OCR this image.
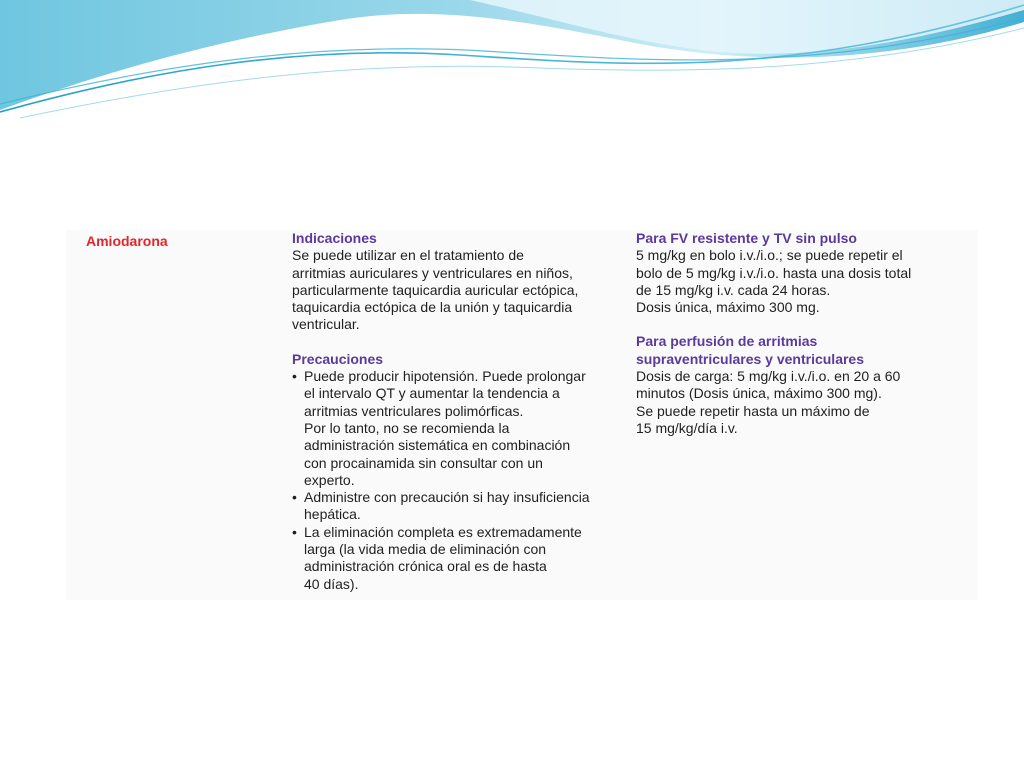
Amiodarona	Indicaciones

Se puede utilizar en el tratamiento de

arritmias auriculares y ventriculares en niños,

particularmente taquicardia auricular ectópica,

taquicardia ectópica de la unión y taquicardia

ventricular.

Precauciones

• Puede producir hipotensión. Puede prolongar

el intervalo QT y aumentar la tendencia a

arritmias ventriculares polimórficas.

Por lo tanto, no se recomienda la

administración sistemática en combinación

con procainamida sin consultar con un

experto.

• Administre con precaución si hay insuficiencia

hepática.

• La eliminación completa es extremadamente

larga (la vida media de eliminación con

administración crónica oral es de hasta

40 días).

Para FV resistente y TV sin pulso

5 mg/kg en bolo i.v./i.o.; se puede repetir el

bolo de 5 mg/kg i.v./i.o. hasta una dosis total

de 15 mg/kg i.v. cada 24 horas.

Dosis única, máximo 300 mg.

Para perfusión de arritmias

supraventriculares y ventriculares

Dosis de carga: 5 mg/kg i.v./i.o. en 20 a 60

minutos (Dosis única, máximo 300 mg).

Se puede repetir hasta un máximo de

15 mg/kg/día i.v.
